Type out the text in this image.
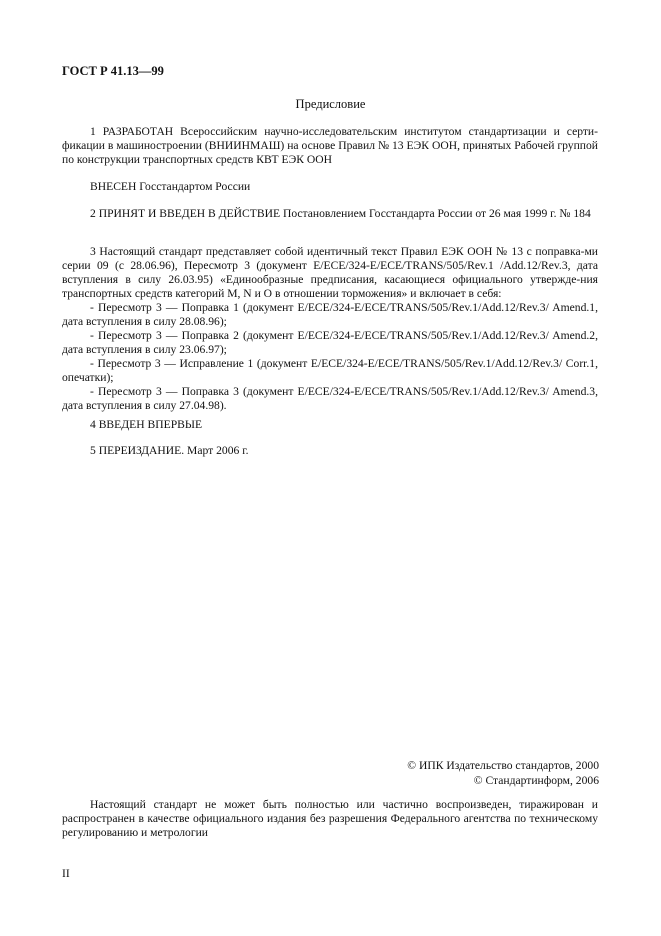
ГОСТ Р 41.13—99
Предисловие
1 РАЗРАБОТАН Всероссийским научно-исследовательским институтом стандартизации и серти-фикации в машиностроении (ВНИИНМАШ) на основе Правил № 13 ЕЭК ООН, принятых Рабочей группой по конструкции транспортных средств КВТ ЕЭК ООН
ВНЕСЕН Госстандартом России
2 ПРИНЯТ И ВВЕДЕН В ДЕЙСТВИЕ Постановлением Госстандарта России от 26 мая 1999 г. № 184
3 Настоящий стандарт представляет собой идентичный текст Правил ЕЭК ООН № 13 с поправка-ми серии 09 (с 28.06.96), Пересмотр 3 (документ E/ECE/324-E/ECE/TRANS/505/Rev.1 /Add.12/Rev.3, дата вступления в силу 26.03.95) «Единообразные предписания, касающиеся официального утвержде-ния транспортных средств категорий М, N и О в отношении торможения» и включает в себя:
- Пересмотр 3 — Поправка 1 (документ E/ECE/324-E/ECE/TRANS/505/Rev.1/Add.12/Rev.3/ Amend.1, дата вступления в силу 28.08.96);
- Пересмотр 3 — Поправка 2 (документ E/ECE/324-E/ECE/TRANS/505/Rev.1/Add.12/Rev.3/ Amend.2, дата вступления в силу 23.06.97);
- Пересмотр 3 — Исправление 1 (документ E/ECE/324-E/ECE/TRANS/505/Rev.1/Add.12/Rev.3/ Corr.1, опечатки);
- Пересмотр 3 — Поправка 3 (документ E/ECE/324-E/ECE/TRANS/505/Rev.1/Add.12/Rev.3/ Amend.3, дата вступления в силу 27.04.98).
4 ВВЕДЕН ВПЕРВЫЕ
5 ПЕРЕИЗДАНИЕ. Март 2006 г.
© ИПК Издательство стандартов, 2000
© Стандартинформ, 2006
Настоящий стандарт не может быть полностью или частично воспроизведен, тиражирован и распространен в качестве официального издания без разрешения Федерального агентства по техническому регулированию и метрологии
II
